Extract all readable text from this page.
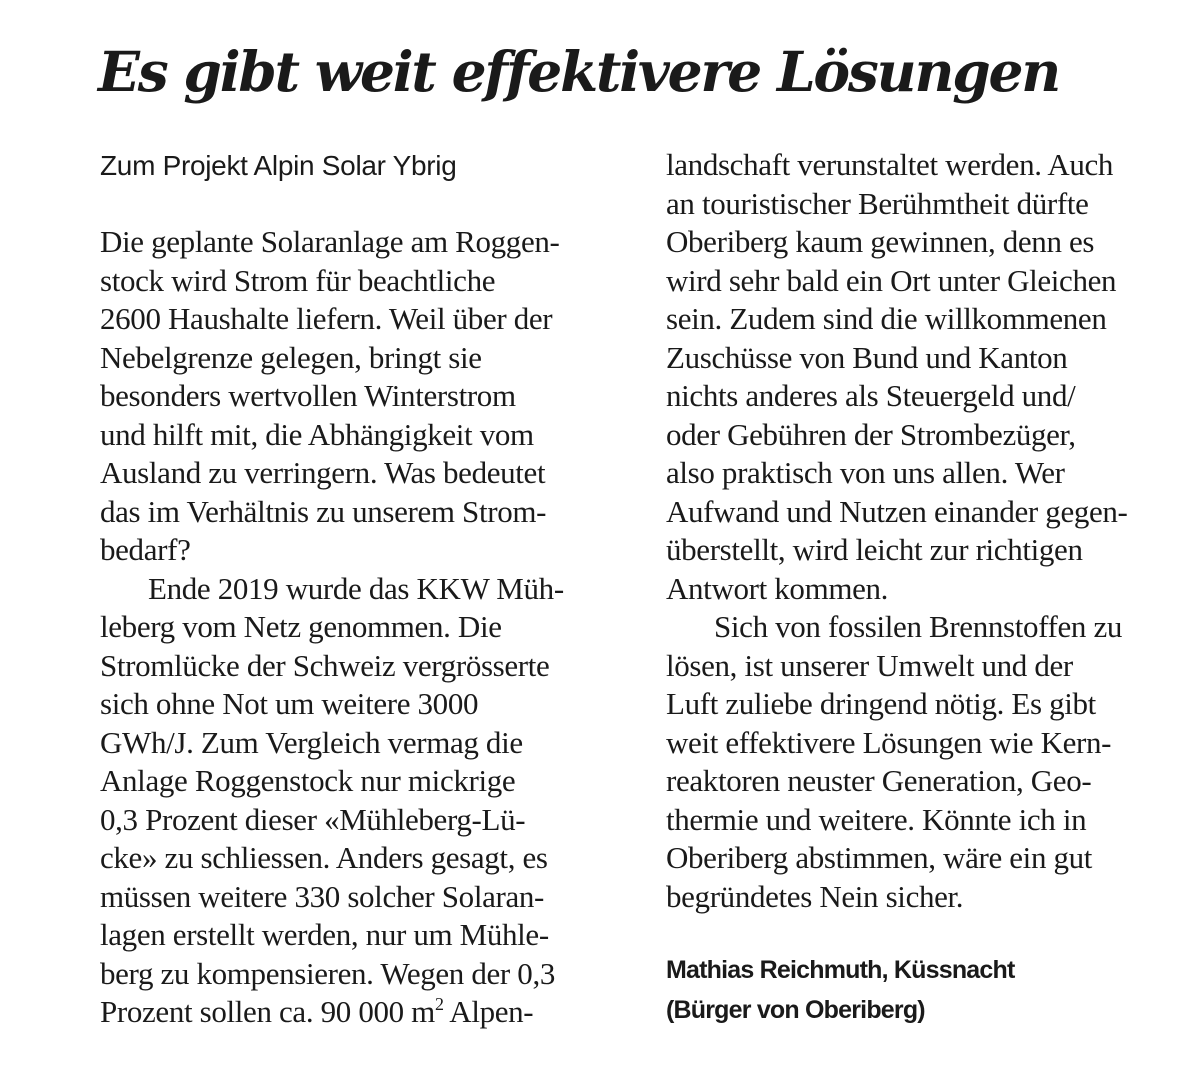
Es gibt weit effektivere Lösungen
Zum Projekt Alpin Solar Ybrig
Die geplante Solaranlage am Roggen-
stock wird Strom für beachtliche
2600 Haushalte liefern. Weil über der
Nebelgrenze gelegen, bringt sie
besonders wertvollen Winterstrom
und hilft mit, die Abhängigkeit vom
Ausland zu verringern. Was bedeutet
das im Verhältnis zu unserem Strom-
bedarf?
Ende 2019 wurde das KKW Müh-
leberg vom Netz genommen. Die
Stromlücke der Schweiz vergrösserte
sich ohne Not um weitere 3000
GWh/J. Zum Vergleich vermag die
Anlage Roggenstock nur mickrige
0,3 Prozent dieser «Mühleberg-Lü-
cke» zu schliessen. Anders gesagt, es
müssen weitere 330 solcher Solaran-
lagen erstellt werden, nur um Mühle-
berg zu kompensieren. Wegen der 0,3
Prozent sollen ca. 90 000 $m^2$ Alpen-
landschaft verunstaltet werden. Auch
an touristischer Berühmtheit dürfte
Oberiberg kaum gewinnen, denn es
wird sehr bald ein Ort unter Gleichen
sein. Zudem sind die willkommenen
Zuschüsse von Bund und Kanton
nichts anderes als Steuergeld und/
oder Gebühren der Strombezüger,
also praktisch von uns allen. Wer
Aufwand und Nutzen einander gegen-
überstellt, wird leicht zur richtigen
Antwort kommen.
Sich von fossilen Brennstoffen zu
lösen, ist unserer Umwelt und der
Luft zuliebe dringend nötig. Es gibt
weit effektivere Lösungen wie Kern-
reaktoren neuster Generation, Geo-
thermie und weitere. Könnte ich in
Oberiberg abstimmen, wäre ein gut
begründetes Nein sicher.
Mathias Reichmuth, Küssnacht
(Bürger von Oberiberg)
